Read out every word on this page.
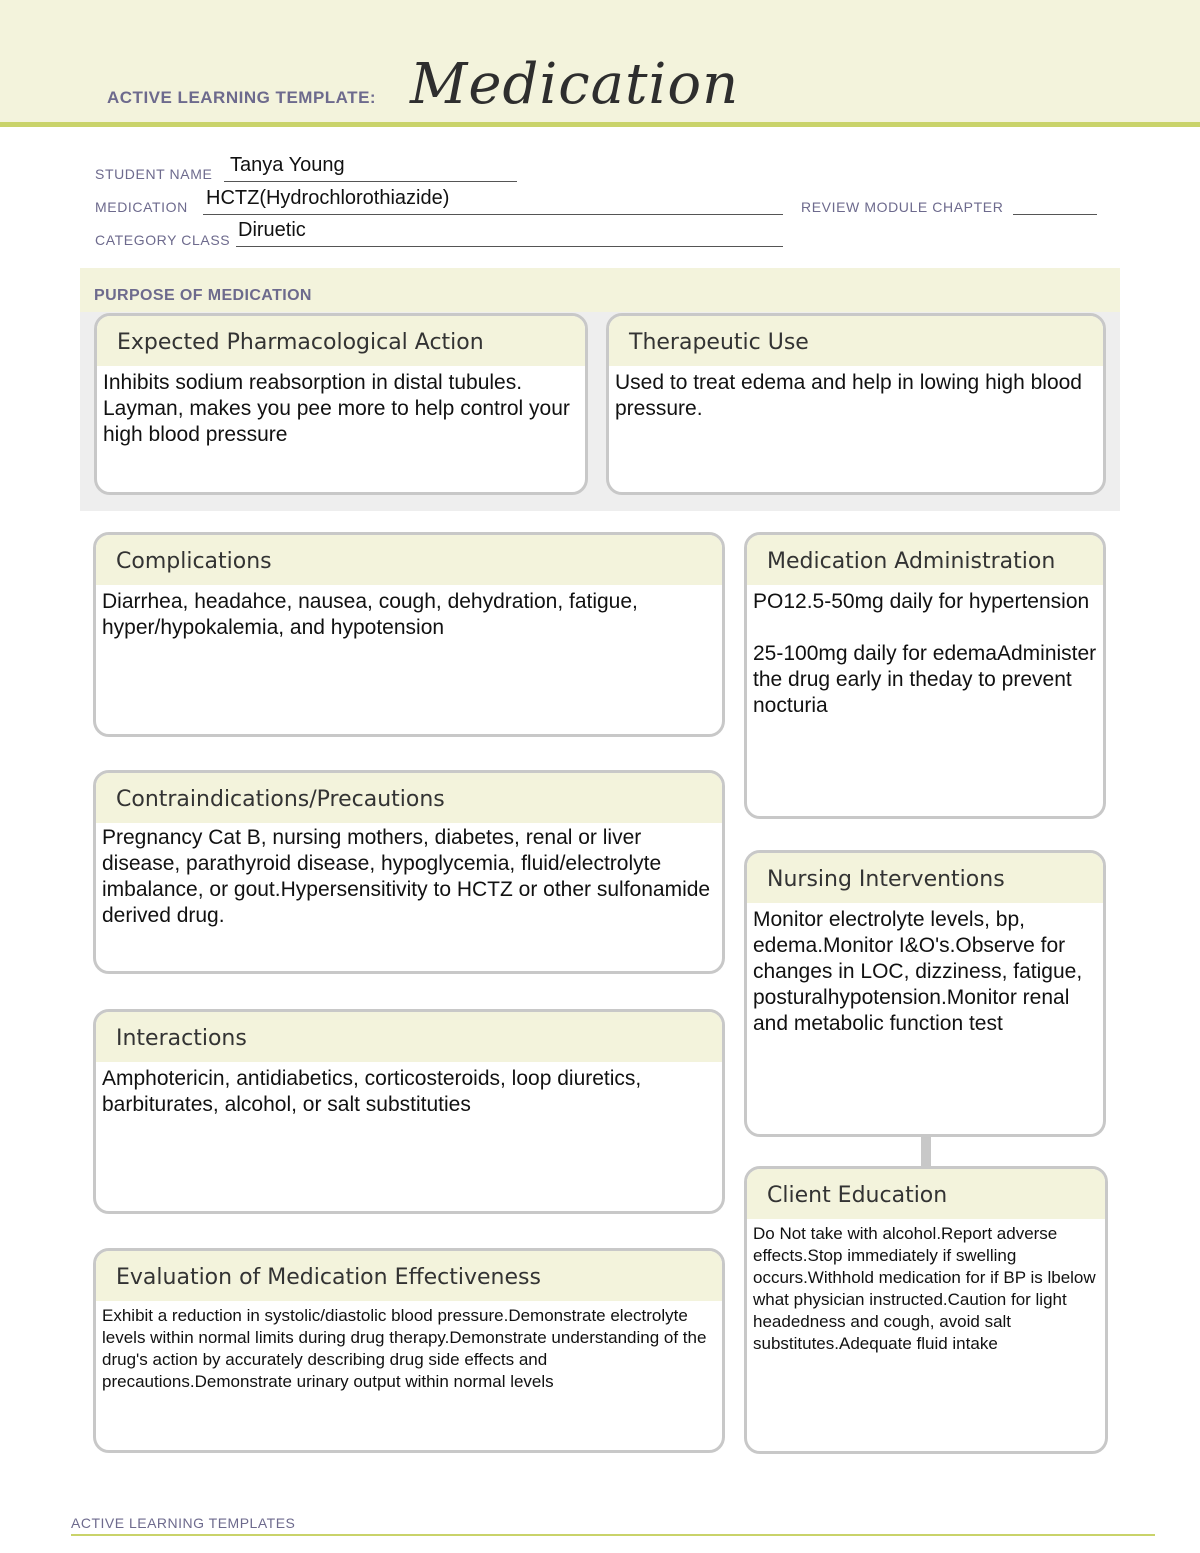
ACTIVE LEARNING TEMPLATE: Medication
STUDENT NAME Tanya Young
MEDICATION HCTZ(Hydrochlorothiazide)	REVIEW MODULE CHAPTER
CATEGORY CLASS Diruetic
PURPOSE OF MEDICATION
Expected Pharmacological Action
Inhibits sodium reabsorption in distal tubules. Layman, makes you pee more to help control your high blood pressure
Therapeutic Use
Used to treat edema and help in lowing high blood pressure.
Complications
Diarrhea, headahce, nausea, cough, dehydration, fatigue, hyper/hypokalemia, and hypotension
Contraindications/Precautions
Pregnancy Cat B, nursing mothers, diabetes, renal or liver disease, parathyroid disease, hypoglycemia, fluid/electrolyte imbalance, or gout.Hypersensitivity to HCTZ or other sulfonamide derived drug.
Interactions
Amphotericin, antidiabetics, corticosteroids, loop diuretics, barbiturates, alcohol, or salt substituties
Evaluation of Medication Effectiveness
Exhibit a reduction in systolic/diastolic blood pressure.Demonstrate electrolyte levels within normal limits during drug therapy.Demonstrate understanding of the drug's action by accurately describing drug side effects and precautions.Demonstrate urinary output within normal levels
Medication Administration

PO12.5-50mg daily for hypertension

25-100mg daily for edemaAdminister the drug early in theday to prevent nocturia

Nursing Interventions
Monitor electrolyte levels, bp, edema.Monitor I&O's.Observe for changes in LOC, dizziness, fatigue, posturalhypotension.Monitor renal and metabolic function test
Client Education
Do Not take with alcohol.Report adverse effects.Stop immediately if swelling occurs.Withhold medication for if BP is lbelow what physician instructed.Caution for light headedness and cough, avoid salt substitutes.Adequate fluid intake
ACTIVE LEARNING TEMPLATES
